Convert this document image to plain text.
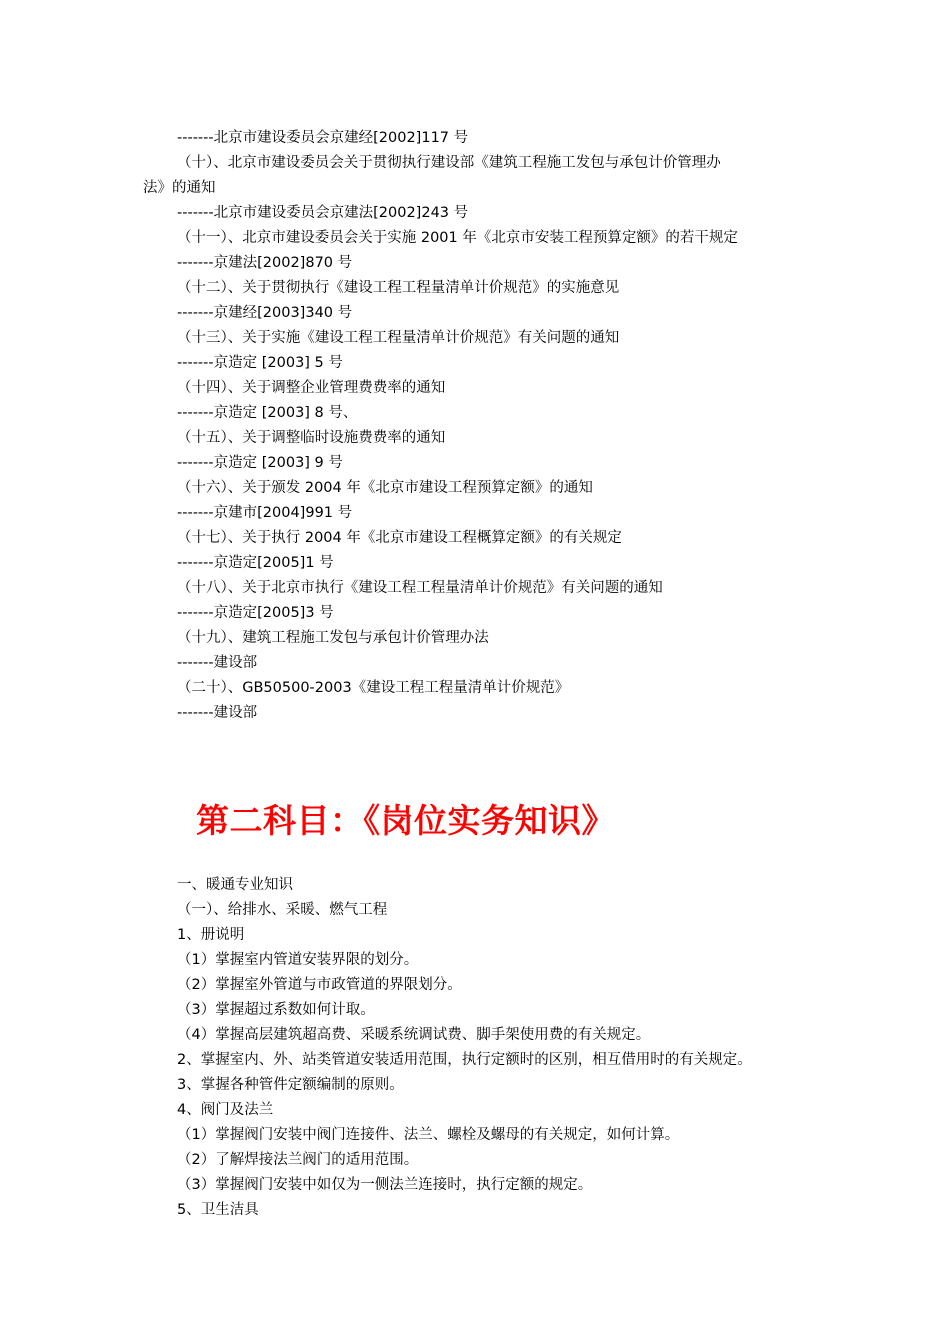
-------北京市建设委员会京建经[2002]117 号
（十）、北京市建设委员会关于贯彻执行建设部《建筑工程施工发包与承包计价管理办
法》的通知
-------北京市建设委员会京建法[2002]243 号
（十一）、北京市建设委员会关于实施 2001 年《北京市安装工程预算定额》的若干规定
-------京建法[2002]870 号
（十二）、关于贯彻执行《建设工程工程量清单计价规范》的实施意见
-------京建经[2003]340 号
（十三）、关于实施《建设工程工程量清单计价规范》有关问题的通知
-------京造定 [2003] 5 号
（十四）、关于调整企业管理费费率的通知
-------京造定 [2003] 8 号、
（十五）、关于调整临时设施费费率的通知
-------京造定 [2003] 9 号
（十六）、关于颁发 2004 年《北京市建设工程预算定额》的通知
-------京建市[2004]991 号
（十七）、关于执行 2004 年《北京市建设工程概算定额》的有关规定
-------京造定[2005]1 号
（十八）、关于北京市执行《建设工程工程量清单计价规范》有关问题的通知
-------京造定[2005]3 号
（十九）、建筑工程施工发包与承包计价管理办法
-------建设部
（二十）、GB50500-2003《建设工程工程量清单计价规范》
-------建设部
第二科目：《岗位实务知识》
一、暖通专业知识
（一）、给排水、采暖、燃气工程
1、册说明
（1）掌握室内管道安装界限的划分。
（2）掌握室外管道与市政管道的界限划分。
（3）掌握超过系数如何计取。
（4）掌握高层建筑超高费、采暖系统调试费、脚手架使用费的有关规定。
2、掌握室内、外、站类管道安装适用范围，执行定额时的区别，相互借用时的有关规定。
3、掌握各种管件定额编制的原则。
4、阀门及法兰
（1）掌握阀门安装中阀门连接件、法兰、螺栓及螺母的有关规定，如何计算。
（2）了解焊接法兰阀门的适用范围。
（3）掌握阀门安装中如仅为一侧法兰连接时，执行定额的规定。
5、卫生洁具
